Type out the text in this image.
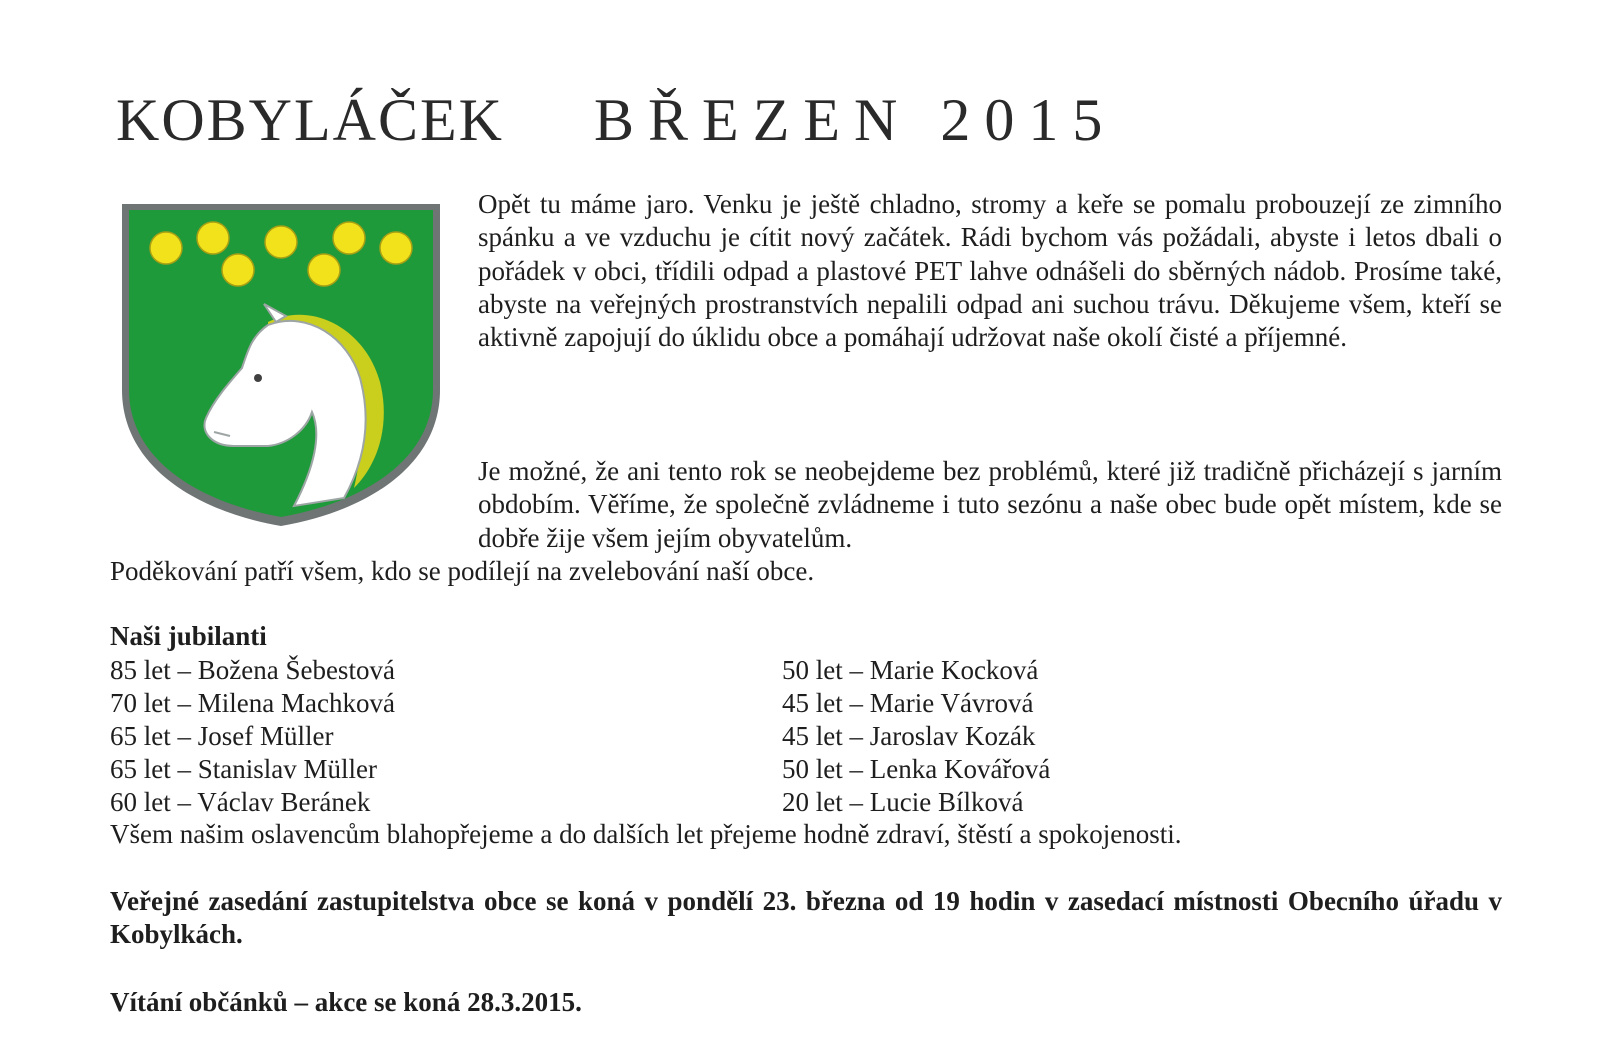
KOBYLÁČEK BŘEZEN 2015

Opět tu máme jaro. Venku je ještě chladno, stromy a keře se pomalu probouzejí ze zimního spánku a ve vzduchu je cítit nový začátek. Rádi bychom vás požádali, abyste i letos dbali o pořádek v obci, třídili odpad a plastové PET lahve odnášeli do sběrných nádob. Prosíme také, abyste na veřejných prostranstvích nepalili odpad ani suchou trávu. Děkujeme všem, kteří se aktivně zapojují do úklidu obce a pomáhají udržovat naše okolí čisté a příjemné.

Je možné, že ani tento rok se neobejdeme bez problémů, které již tradičně přicházejí s jarním obdobím. Věříme, že společně zvládneme i tuto sezónu a naše obec bude opět místem, kde se dobře žije všem jejím obyvatelům.

Poděkování patří všem, kdo se podílejí na zvelebování naší obce.

Naši jubilanti

85 let – Božena Šebestová
70 let – Milena Machková
65 let – Josef Müller
65 let – Stanislav Müller
60 let – Václav Beránek
50 let – Marie Kocková
45 let – Marie Vávrová
45 let – Jaroslav Kozák
50 let – Lenka Kovářová
20 let – Lucie Bílková

Všem našim oslavencům blahopřejeme a do dalších let přejeme hodně zdraví, štěstí a spokojenosti.

Veřejné zasedání zastupitelstva obce se koná v pondělí 23. března od 19 hodin v zasedací místnosti Obecního úřadu v Kobylkách.

Vítání občánků – akce se koná 28.3.2015.
